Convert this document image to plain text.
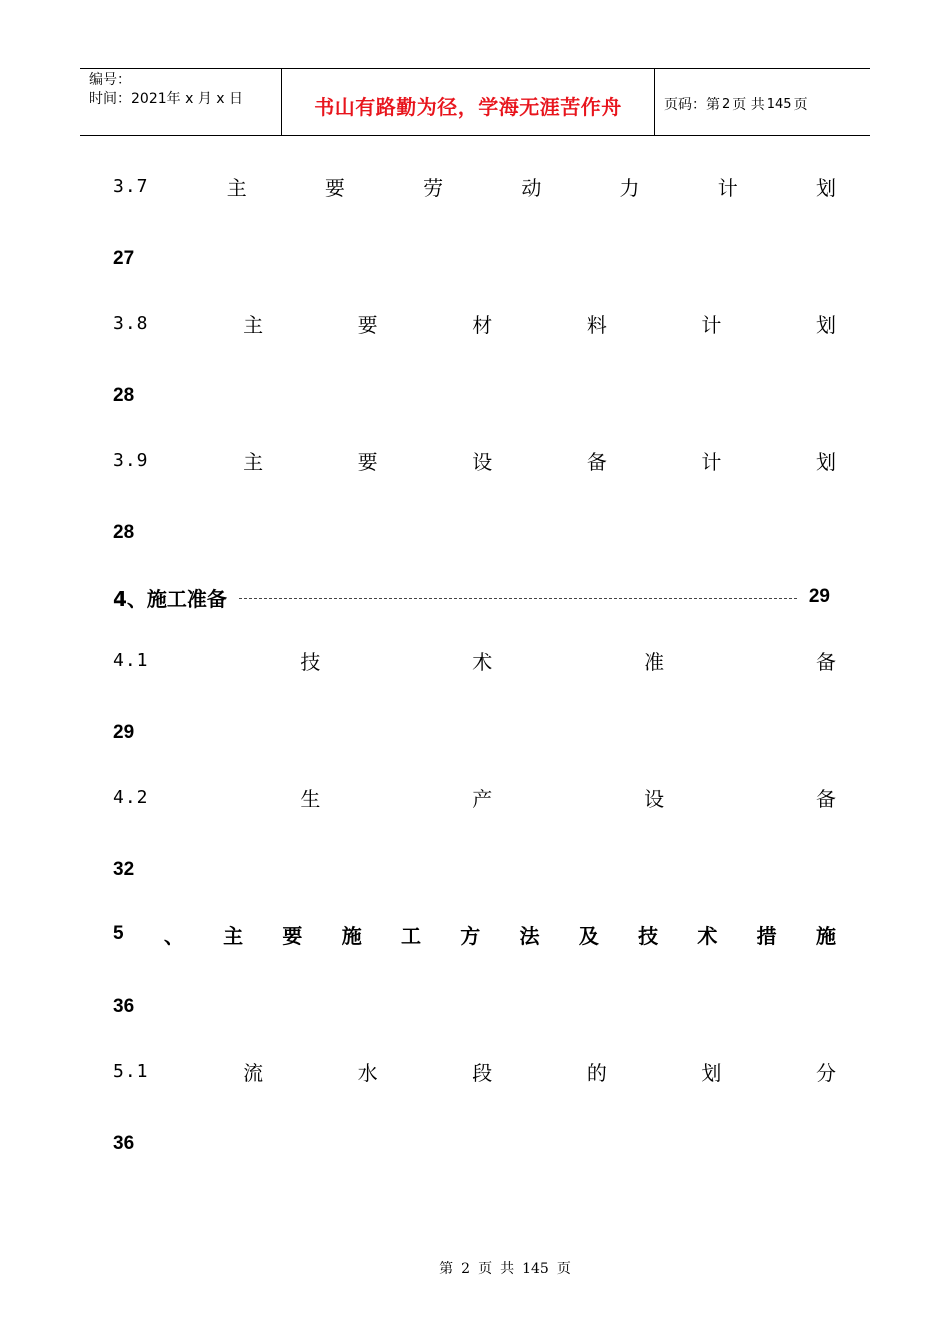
编号：
时间：2021年 x 月 x 日	书山有路勤为径，学海无涯苦作舟	页码：第 2 页 共 145 页
3.7	主	要	劳	动	力	计	划
27
3.8	主	要	材	料	计	划
28
3.9	主	要	设	备	计	划
28
4、施工准备	29
4.1	技	术	准	备
29
4.2	生	产	设	备
32
5 、 主 要 施 工 方 法 及 技 术 措 施
36
5.1	流	水	段	的	划	分
36
第 2 页 共 145 页
